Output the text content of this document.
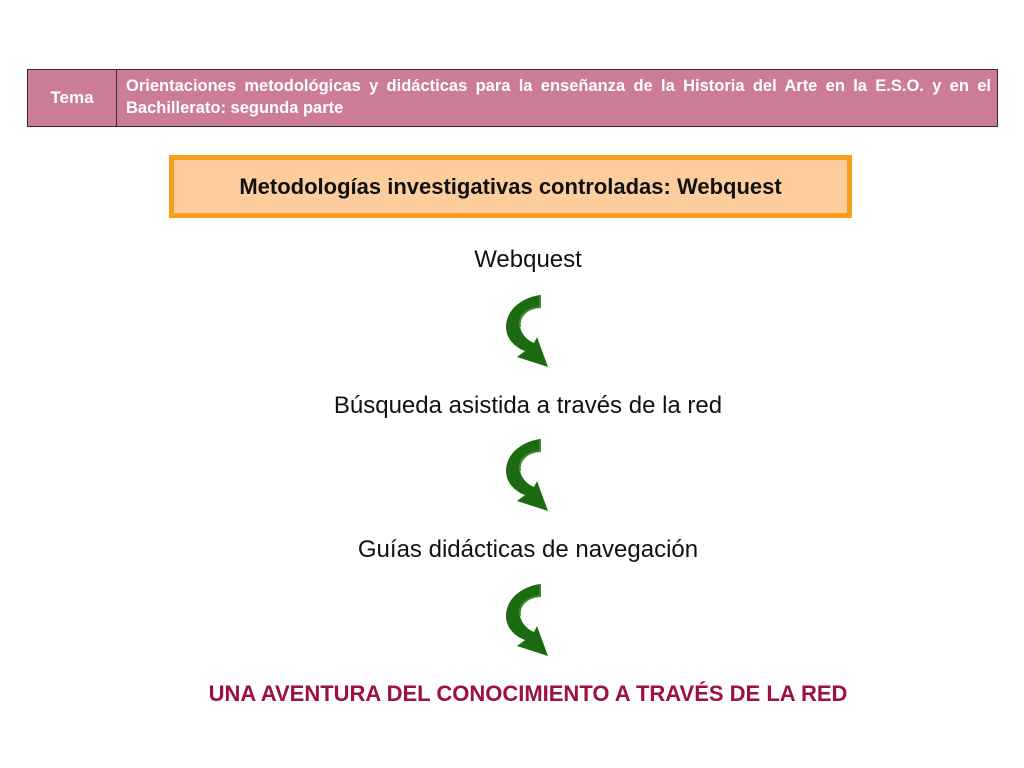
Tema
Orientaciones metodológicas y didácticas para la enseñanza de la Historia del Arte en la E.S.O. y en el Bachillerato: segunda parte
Metodologías investigativas controladas: Webquest
Webquest
Búsqueda asistida a través de la red
Guías didácticas de navegación
UNA AVENTURA DEL CONOCIMIENTO A TRAVÉS DE LA RED
